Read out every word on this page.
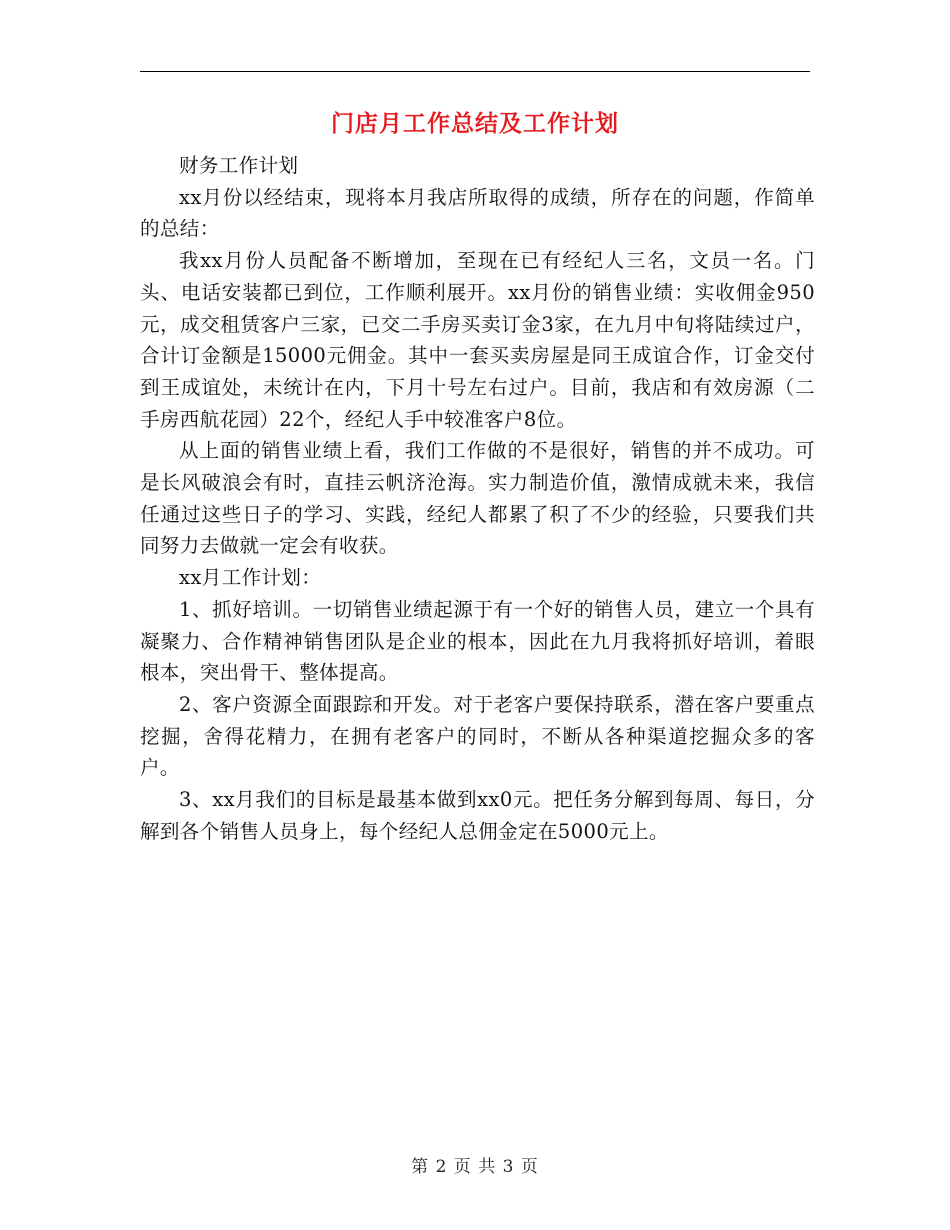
门店月工作总结及工作计划

财务工作计划

xx月份以经结束，现将本月我店所取得的成绩，所存在的问题，作简单的总结：

我xx月份人员配备不断增加，至现在已有经纪人三名，文员一名。门头、电话安装都已到位，工作顺利展开。xx月份的销售业绩：实收佣金950元，成交租赁客户三家，已交二手房买卖订金3家，在九月中旬将陆续过户，合计订金额是15000元佣金。其中一套买卖房屋是同王成谊合作，订金交付到王成谊处，未统计在内，下月十号左右过户。目前，我店和有效房源（二手房西航花园）22个，经纪人手中较准客户8位。

从上面的销售业绩上看，我们工作做的不是很好，销售的并不成功。可是长风破浪会有时，直挂云帆济沧海。实力制造价值，激情成就未来，我信任通过这些日子的学习、实践，经纪人都累了积了不少的经验，只要我们共同努力去做就一定会有收获。

xx月工作计划：

1、抓好培训。一切销售业绩起源于有一个好的销售人员，建立一个具有凝聚力、合作精神销售团队是企业的根本，因此在九月我将抓好培训，着眼根本，突出骨干、整体提高。

2、客户资源全面跟踪和开发。对于老客户要保持联系，潜在客户要重点挖掘，舍得花精力，在拥有老客户的同时，不断从各种渠道挖掘众多的客户。

3、xx月我们的目标是最基本做到xx0元。把任务分解到每周、每日，分解到各个销售人员身上，每个经纪人总佣金定在5000元上。

第 2 页 共 3 页
